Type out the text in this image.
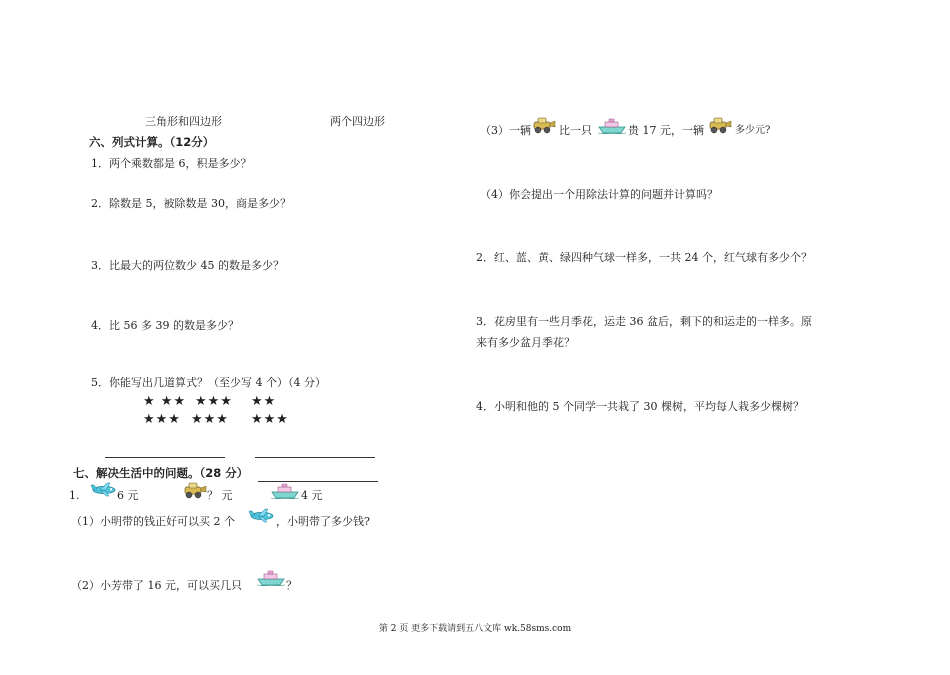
三角形和四边形	两个四边形
六、列式计算。（12分）
1．两个乘数都是 6，积是多少？
2．除数是 5，被除数是 30，商是多少？
3．比最大的两位数少 45 的数是多少？
4．比 56 多 39 的数是多少？
5．你能写出几道算式？（至少写 4 个）（4 分）
★ ★★ ★★★ ★★
★★★ ★★★ ★★★
七、解决生活中的问题。（28 分）
1.	6 元	？ 元	4 元
（1）小明带的钱正好可以买 2 个	，小明带了多少钱?
（2）小芳带了 16 元，可以买几只	？
（3）一辆	比一只	贵 17 元，一辆	多少元?
（4）你会提出一个用除法计算的问题并计算吗？
2．红、蓝、黄、绿四种气球一样多，一共 24 个，红气球有多少个？
3．花房里有一些月季花，运走 36 盆后，剩下的和运走的一样多。原
来有多少盆月季花？
4．小明和他的 5 个同学一共栽了 30 棵树，平均每人栽多少棵树？
第 2 页 更多下载请到五八文库 wk.58sms.com
